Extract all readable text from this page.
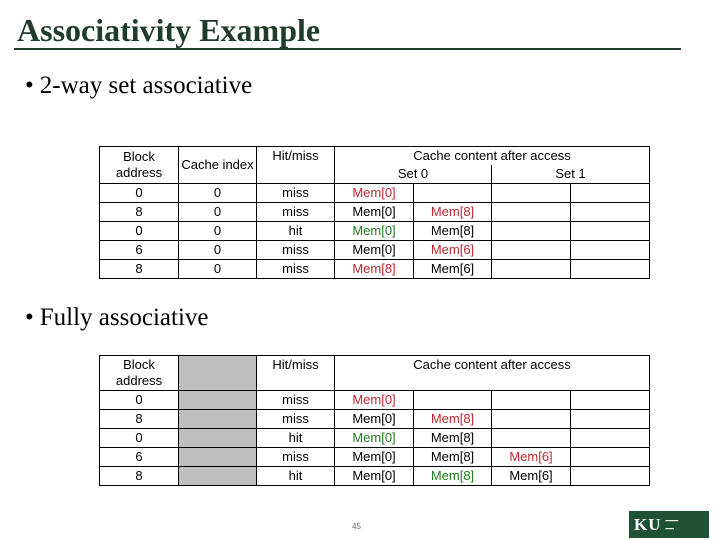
Associativity Example
• 2-way set associative
Block address	Cache index	Hit/miss	Cache content after access			
			Set 0		Set 1	
0	0	miss	Mem[0]			
8	0	miss	Mem[0]	Mem[8]		
0	0	hit	Mem[0]	Mem[8]		
6	0	miss	Mem[0]	Mem[6]		
8	0	miss	Mem[8]	Mem[6]		
• Fully associative
Block address		Hit/miss	Cache content after access			
0		miss	Mem[0]			
8		miss	Mem[0]	Mem[8]		
0		hit	Mem[0]	Mem[8]		
6		miss	Mem[0]	Mem[8]	Mem[6]	
8		hit	Mem[0]	Mem[8]	Mem[6]	
45	KU ━━━
━━
